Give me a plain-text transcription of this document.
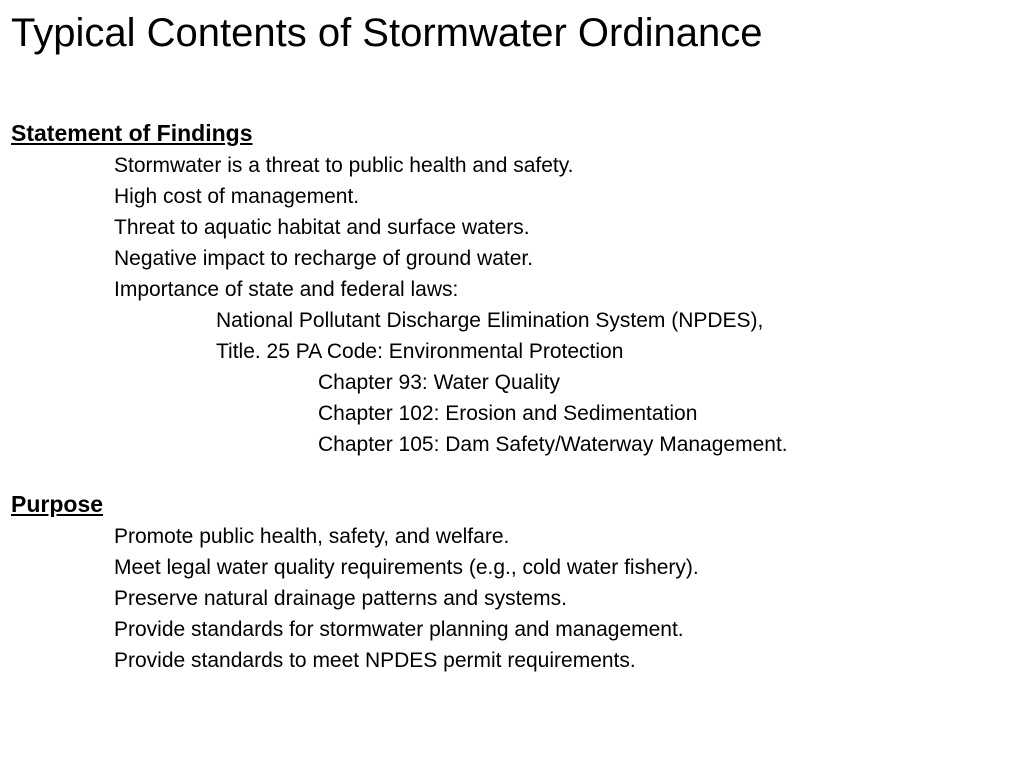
Typical Contents of Stormwater Ordinance
Statement of Findings
Stormwater is a threat to public health and safety.
High cost of management.
Threat to aquatic habitat and surface waters.
Negative impact to recharge of ground water.
Importance of state and federal laws:
National Pollutant Discharge Elimination System (NPDES),
Title. 25 PA Code: Environmental Protection
Chapter 93: Water Quality
Chapter 102: Erosion and Sedimentation
Chapter 105: Dam Safety/Waterway Management.
Purpose
Promote public health, safety, and welfare.
Meet legal water quality requirements (e.g., cold water fishery).
Preserve natural drainage patterns and systems.
Provide standards for stormwater planning and management.
Provide standards to meet NPDES permit requirements.
